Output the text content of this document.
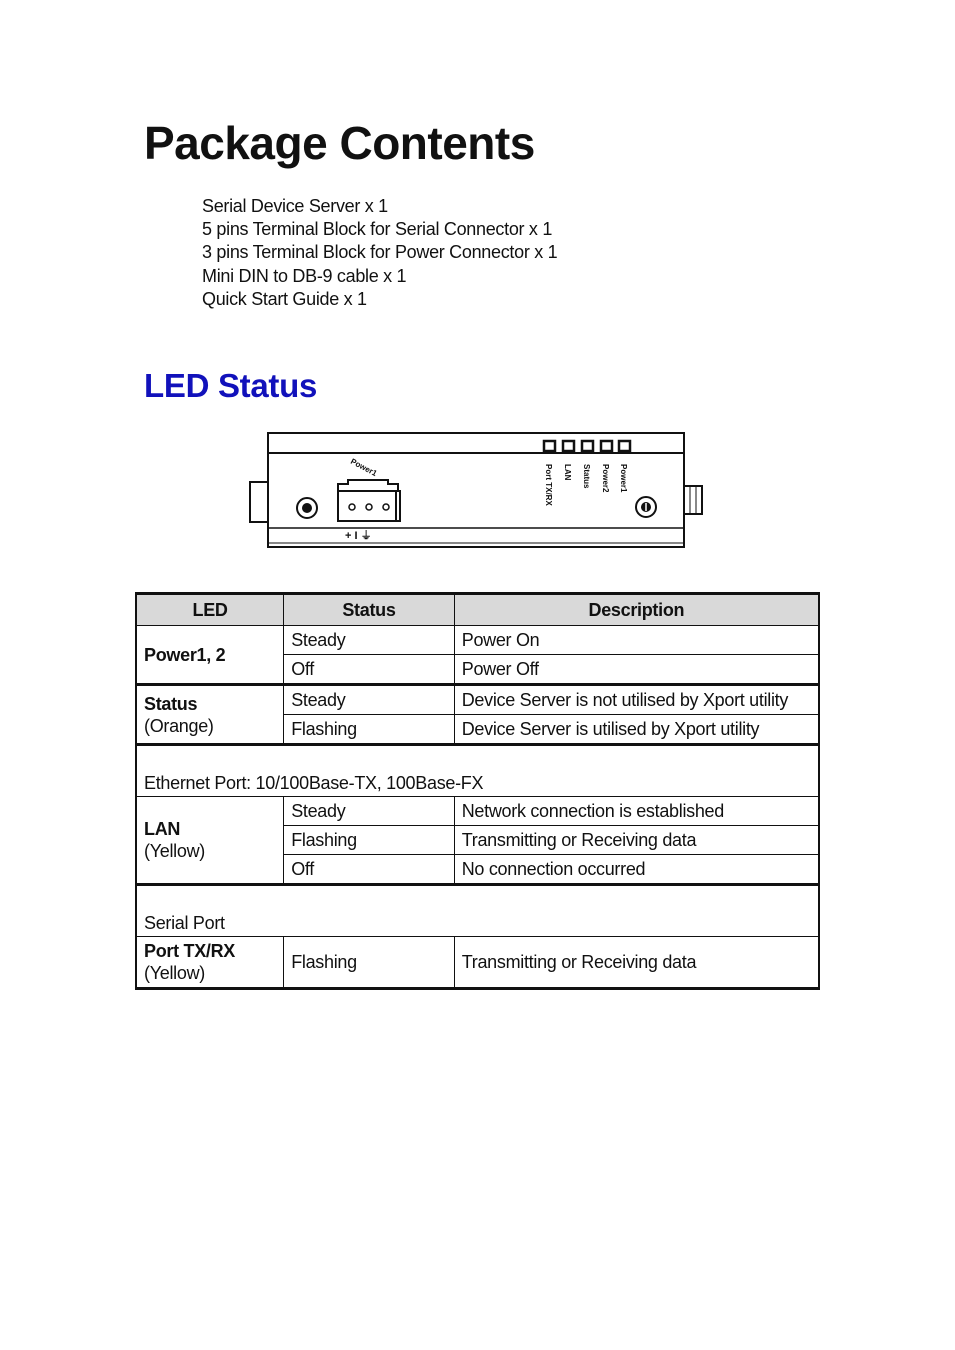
Package Contents
Serial Device Server x 1
5 pins Terminal Block for Serial Connector x 1
3 pins Terminal Block for Power Connector x 1
Mini DIN to DB-9 cable x 1
Quick Start Guide x 1
LED Status
Port TX/RX LAN Status Power2 Power1
Power1
+ I ⏚
LED	Status	Description

Power1, 2	Steady	Power On
	Off	Power Off

Status
(Orange)	Steady	Device Server is not utilised by Xport utility
	Flashing	Device Server is utilised by Xport utility
Ethernet Port: 10/100Base-TX, 100Base-FX		

LAN
(Yellow)	Steady	Network connection is established
	Flashing	Transmitting or Receiving data
	Off	No connection occurred
Serial Port		

Port TX/RX
(Yellow)	Flashing	Transmitting or Receiving data
